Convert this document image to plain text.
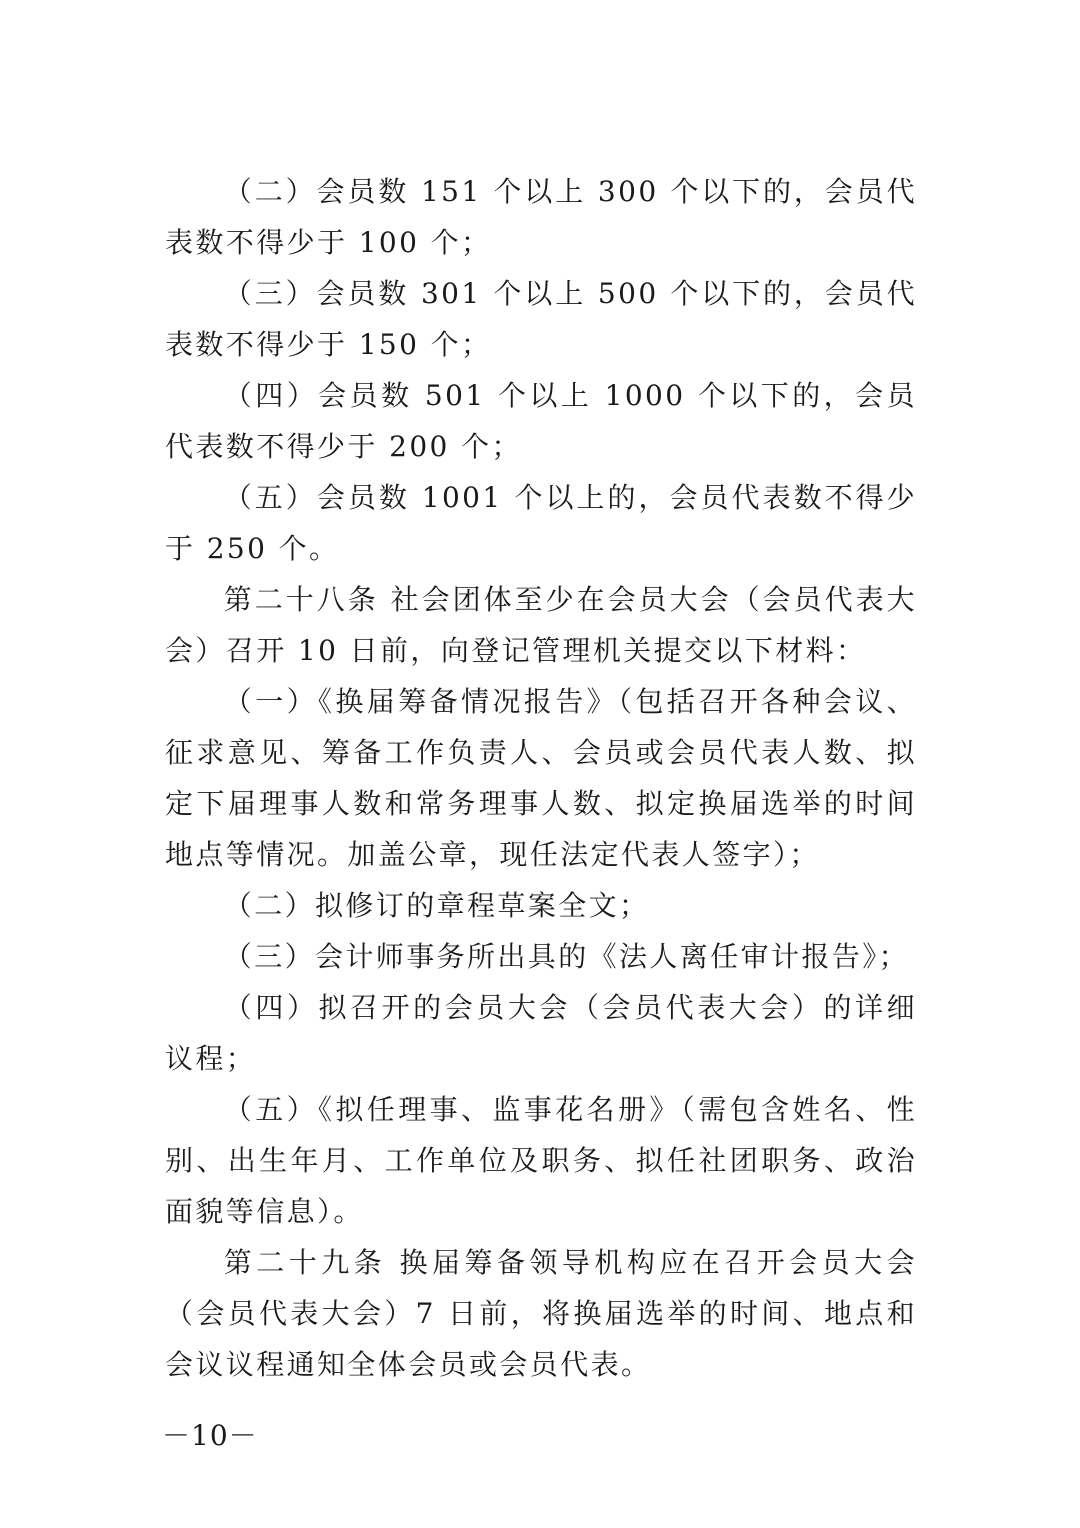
（二）会员数 151 个以上 300 个以下的，会员代表数不得少于 100 个；

（三）会员数 301 个以上 500 个以下的，会员代表数不得少于 150 个；

（四）会员数 501 个以上 1000 个以下的，会员代表数不得少于 200 个；

（五）会员数 1001 个以上的，会员代表数不得少于 250 个。

第二十八条 社会团体至少在会员大会（会员代表大会）召开 10 日前，向登记管理机关提交以下材料：

（一）《换届筹备情况报告》（包括召开各种会议、征求意见、筹备工作负责人、会员或会员代表人数、拟定下届理事人数和常务理事人数、拟定换届选举的时间地点等情况。加盖公章，现任法定代表人签字）；

（二）拟修订的章程草案全文；

（三）会计师事务所出具的《法人离任审计报告》；

（四）拟召开的会员大会（会员代表大会）的详细议程；

（五）《拟任理事、监事花名册》（需包含姓名、性别、出生年月、工作单位及职务、拟任社团职务、政治面貌等信息）。

第二十九条 换届筹备领导机构应在召开会员大会（会员代表大会）7 日前，将换届选举的时间、地点和会议议程通知全体会员或会员代表。

－10－
